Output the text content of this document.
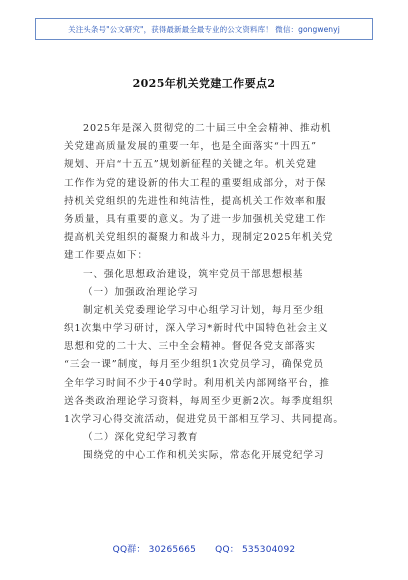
关注头条号"公文研究"，获得最新最全最专业的公文资料库！ 微信：gongwenyj
2025年机关党建工作要点2
2025年是深入贯彻党的二十届三中全会精神、推动机
关党建高质量发展的重要一年，也是全面落实“十四五”
规划、开启“十五五”规划新征程的关键之年。机关党建
工作作为党的建设新的伟大工程的重要组成部分，对于保
持机关党组织的先进性和纯洁性，提高机关工作效率和服
务质量，具有重要的意义。为了进一步加强机关党建工作
提高机关党组织的凝聚力和战斗力，现制定2025年机关党
建工作要点如下：
一、强化思想政治建设，筑牢党员干部思想根基
（一）加强政治理论学习
制定机关党委理论学习中心组学习计划，每月至少组
织1次集中学习研讨，深入学习*新时代中国特色社会主义
思想和党的二十大、三中全会精神。督促各党支部落实
“三会一课”制度，每月至少组织1次党员学习，确保党员
全年学习时间不少于40学时。利用机关内部网络平台，推
送各类政治理论学习资料，每周至少更新2次。每季度组织
1次学习心得交流活动，促进党员干部相互学习、共同提高。
（二）深化党纪学习教育
围绕党的中心工作和机关实际，常态化开展党纪学习
QQ群： 30265665 QQ： 535304092
